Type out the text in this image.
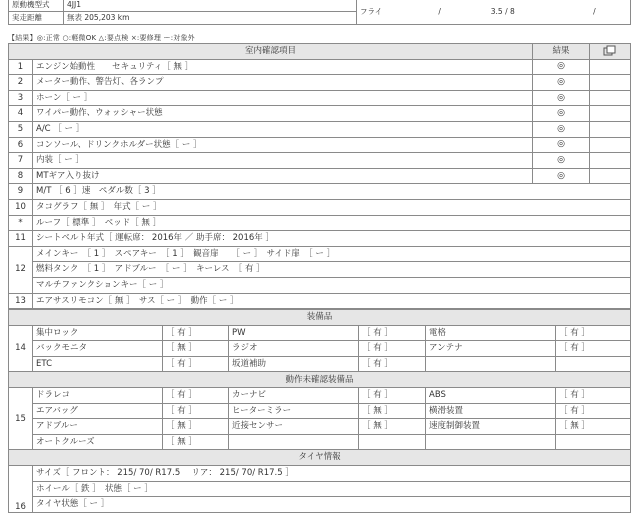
原動機型式	4JJ1	フライ / 3.5 / 8 /
実走距離	無表 205,203 km	
【結果】◎:正常 ○:軽微OK △:要点検 ×:要修理 ー:対象外
室内確認項目		結果	
1	エンジン始動性　　セキュリティ［ 無 ］	◎	
2	メーター動作、警告灯、各ランプ	◎	
3	ホーン［ ー ］	◎	
4	ワイパー動作、ウォッシャー状態	◎	
5	A/C ［ ー ］	◎	
6	コンソール、ドリンクホルダー状態［ ー ］	◎	
7	内装［ ー ］	◎	
8	MTギア入り抜け	◎	
9	M/T ［ 6 ］速　ペダル数［ 3 ］		
10	タコグラフ［ 無 ］　年式［ ー ］		
*	ルーフ［ 標準 ］　ベッド［ 無 ］		
11	シートベルト年式［ 運転席： 2016年 ／ 助手席： 2016年 ］		
12	メインキー　［ 1 ］　スペアキー　［ 1 ］　観音扉　　［ ー ］　サイド扉　［ ー ］		
	燃料タンク　［ 1 ］　アドブルー　［ ー ］　キーレス　［ 有 ］		
	マルチファンクションキー［ ー ］		
13	エアサスリモコン［ 無 ］　サス［ ー ］　動作［ ー ］		
装備品						
14	集中ロック	［ 有 ］	PW	［ 有 ］	電格	［ 有 ］
	バックモニタ	［ 無 ］	ラジオ	［ 有 ］	アンテナ	［ 有 ］
	ETC	［ 有 ］	坂道補助	［ 有 ］		
動作未確認装備品						
15	ドラレコ	［ 有 ］	カーナビ	［ 有 ］	ABS	［ 有 ］
	エアバッグ	［ 有 ］	ヒーターミラー	［ 無 ］	横滑装置	［ 有 ］
	アドブルー	［ 無 ］	近接センサー	［ 無 ］	速度制御装置	［ 無 ］
	オートクルーズ	［ 無 ］				
タイヤ情報						
16	サイズ［ フロント： 215/ 70/ R17.5 　リア： 215/ 70/ R17.5 ］					
	ホイール［ 鉄 ］　状態［ ー ］					
	タイヤ状態［ ー ］					
